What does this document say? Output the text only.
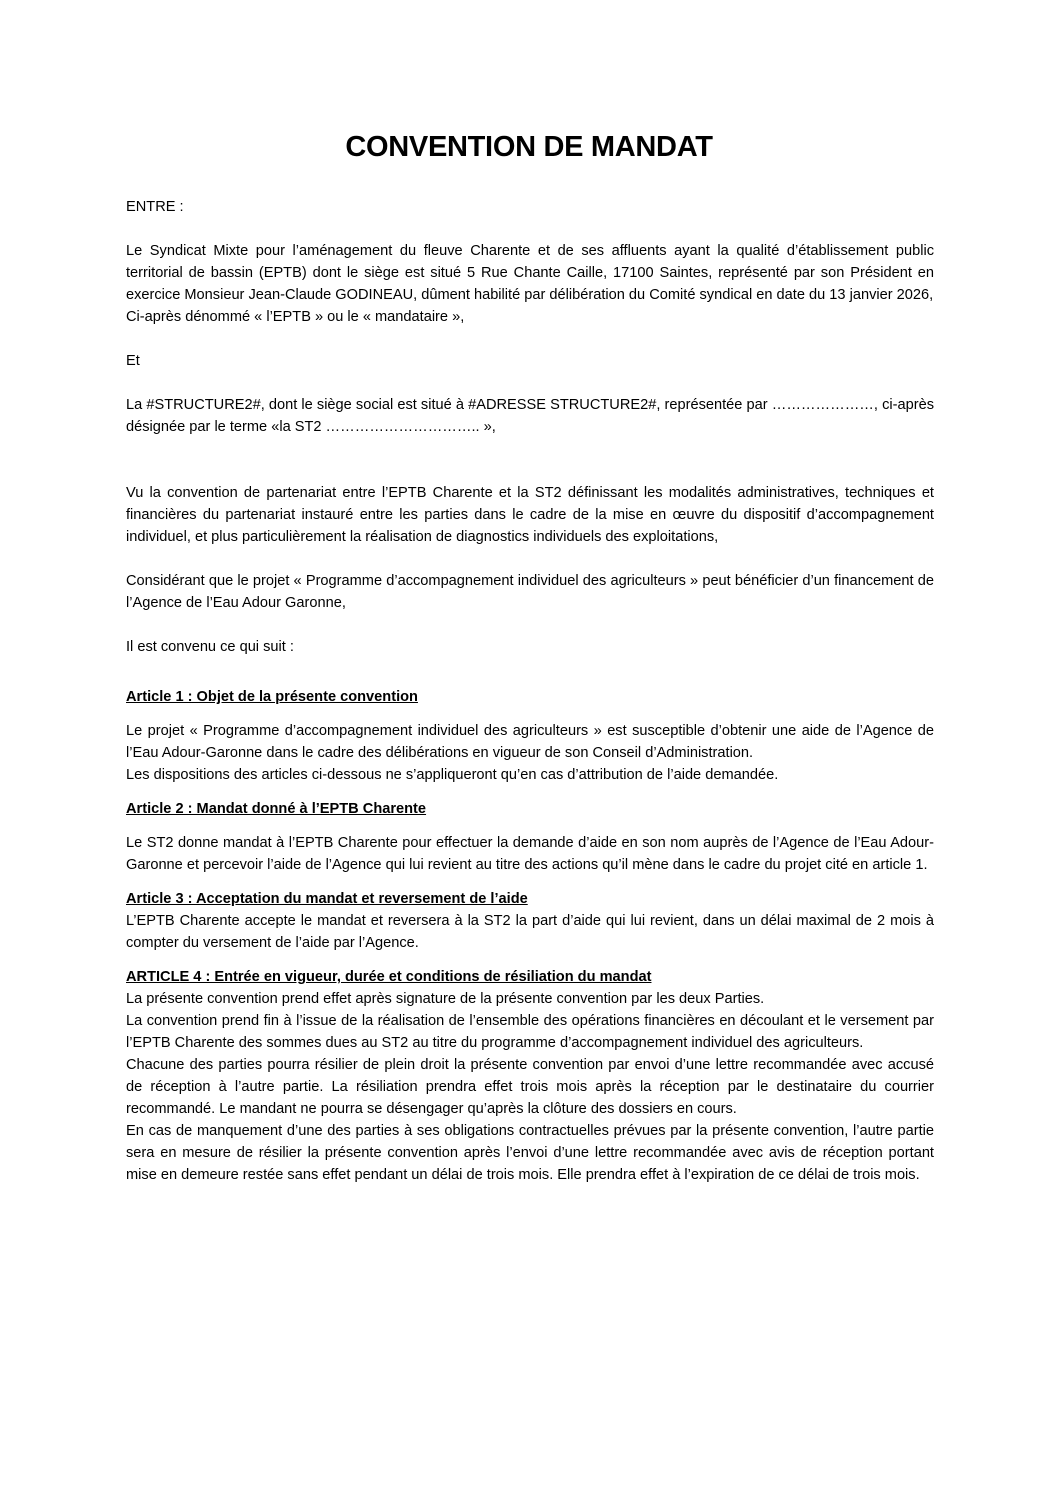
CONVENTION DE MANDAT

ENTRE :

Le Syndicat Mixte pour l’aménagement du fleuve Charente et de ses affluents ayant la qualité d’établissement public territorial de bassin (EPTB) dont le siège est situé 5 Rue Chante Caille, 17100 Saintes, représenté par son Président en exercice Monsieur Jean-Claude GODINEAU, dûment habilité par délibération du Comité syndical en date du 13 janvier 2026,

Ci-après dénommé « l’EPTB » ou le « mandataire »,

Et

La #STRUCTURE2#, dont le siège social est situé à #ADRESSE STRUCTURE2#, représentée par …………………, ci-après désignée par le terme «la ST2 ………………………….. »,

Vu la convention de partenariat entre l’EPTB Charente et la ST2 définissant les modalités administratives, techniques et financières du partenariat instauré entre les parties dans le cadre de la mise en œuvre du dispositif d’accompagnement individuel, et plus particulièrement la réalisation de diagnostics individuels des exploitations,

Considérant que le projet « Programme d’accompagnement individuel des agriculteurs » peut bénéficier d’un financement de l’Agence de l’Eau Adour Garonne,

Il est convenu ce qui suit :

Article 1 : Objet de la présente convention

Le projet « Programme d’accompagnement individuel des agriculteurs » est susceptible d’obtenir une aide de l’Agence de l’Eau Adour-Garonne dans le cadre des délibérations en vigueur de son Conseil d’Administration.

Les dispositions des articles ci-dessous ne s’appliqueront qu’en cas d’attribution de l’aide demandée.

Article 2 : Mandat donné à l’EPTB Charente

Le ST2 donne mandat à l’EPTB Charente pour effectuer la demande d’aide en son nom auprès de l’Agence de l’Eau Adour-Garonne et percevoir l’aide de l’Agence qui lui revient au titre des actions qu’il mène dans le cadre du projet cité en article 1.

Article 3 : Acceptation du mandat et reversement de l’aide

L’EPTB Charente accepte le mandat et reversera à la ST2 la part d’aide qui lui revient, dans un délai maximal de 2 mois à compter du versement de l’aide par l’Agence.

ARTICLE 4 : Entrée en vigueur, durée et conditions de résiliation du mandat

La présente convention prend effet après signature de la présente convention par les deux Parties.

La convention prend fin à l’issue de la réalisation de l’ensemble des opérations financières en découlant et le versement par l’EPTB Charente des sommes dues au ST2 au titre du programme d’accompagnement individuel des agriculteurs.

Chacune des parties pourra résilier de plein droit la présente convention par envoi d’une lettre recommandée avec accusé de réception à l’autre partie. La résiliation prendra effet trois mois après la réception par le destinataire du courrier recommandé. Le mandant ne pourra se désengager qu’après la clôture des dossiers en cours.

En cas de manquement d’une des parties à ses obligations contractuelles prévues par la présente convention, l’autre partie sera en mesure de résilier la présente convention après l’envoi d’une lettre recommandée avec avis de réception portant mise en demeure restée sans effet pendant un délai de trois mois. Elle prendra effet à l’expiration de ce délai de trois mois.
